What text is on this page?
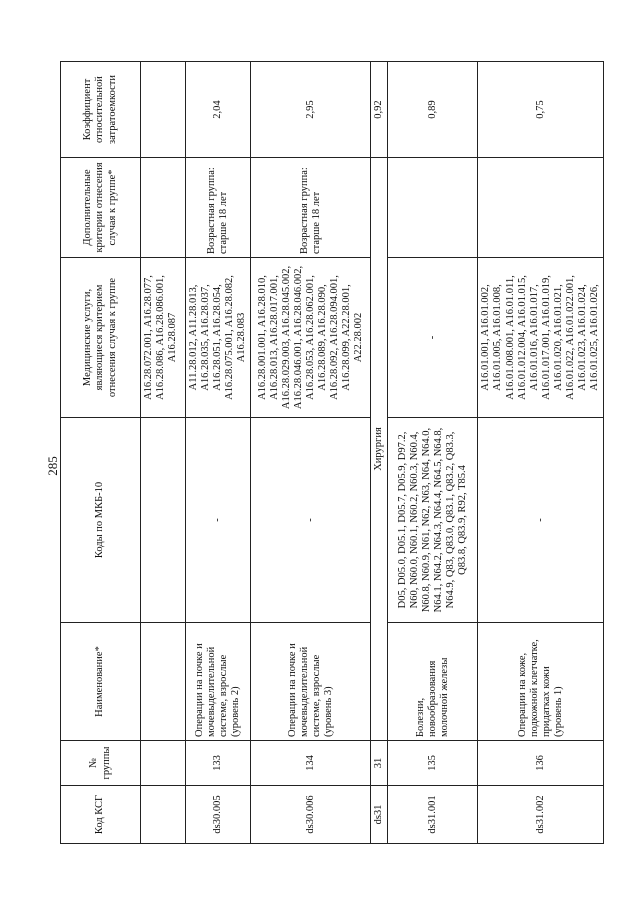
285
Код КСГ	№ группы	Наименование*	Коды по МКБ-10	Медицинские услуги, являющиеся критерием отнесения случая к группе	Дополнительные критерии отнесения случая к группе*	Коэффициент относительной затратоемкости
				A16.28.072.001, A16.28.077, A16.28.086, A16.28.086.001, A16.28.087		
ds30.005	133	Операции на почке и мочевыделительной системе, взрослые (уровень 2)	-	A11.28.012, A11.28.013, A16.28.035, A16.28.037, A16.28.051, A16.28.054, A16.28.075.001, A16.28.082, A16.28.083	Возрастная группа: старше 18 лет	2,04
ds30.006	134	Операции на почке и мочевыделительной системе, взрослые (уровень 3)	-	A16.28.001.001, A16.28.010, A16.28.013, A16.28.017.001, A16.28.029.003, A16.28.045.002, A16.28.046.001, A16.28.046.002, A16.28.053, A16.28.062.001, A16.28.089, A16.28.090, A16.28.092, A16.28.094.001, A16.28.099, A22.28.001, A22.28.002	Возрастная группа: старше 18 лет	2,95
ds31	31	Хирургия				0,92
ds31.001	135	Болезни, новообразования молочной железы	D05, D05.0, D05.1, D05.7, D05.9, D97.2, N60, N60.0, N60.1, N60.2, N60.3, N60.4, N60.8, N60.9, N61, N62, N63, N64, N64.0, N64.1, N64.2, N64.3, N64.4, N64.5, N64.8, N64.9, Q83, Q83.0, Q83.1, Q83.2, Q83.3, Q83.8, Q83.9, R92, T85.4	-		0,89
ds31.002	136	Операции на коже, подкожной клетчатке, придатках кожи (уровень 1)	-	A16.01.001, A16.01.002, A16.01.005, A16.01.008, A16.01.008.001, A16.01.011, A16.01.012.004, A16.01.015, A16.01.016, A16.01.017, A16.01.017.001, A16.01.019, A16.01.020, A16.01.021, A16.01.022, A16.01.022.001, A16.01.023, A16.01.024, A16.01.025, A16.01.026,		0,75
